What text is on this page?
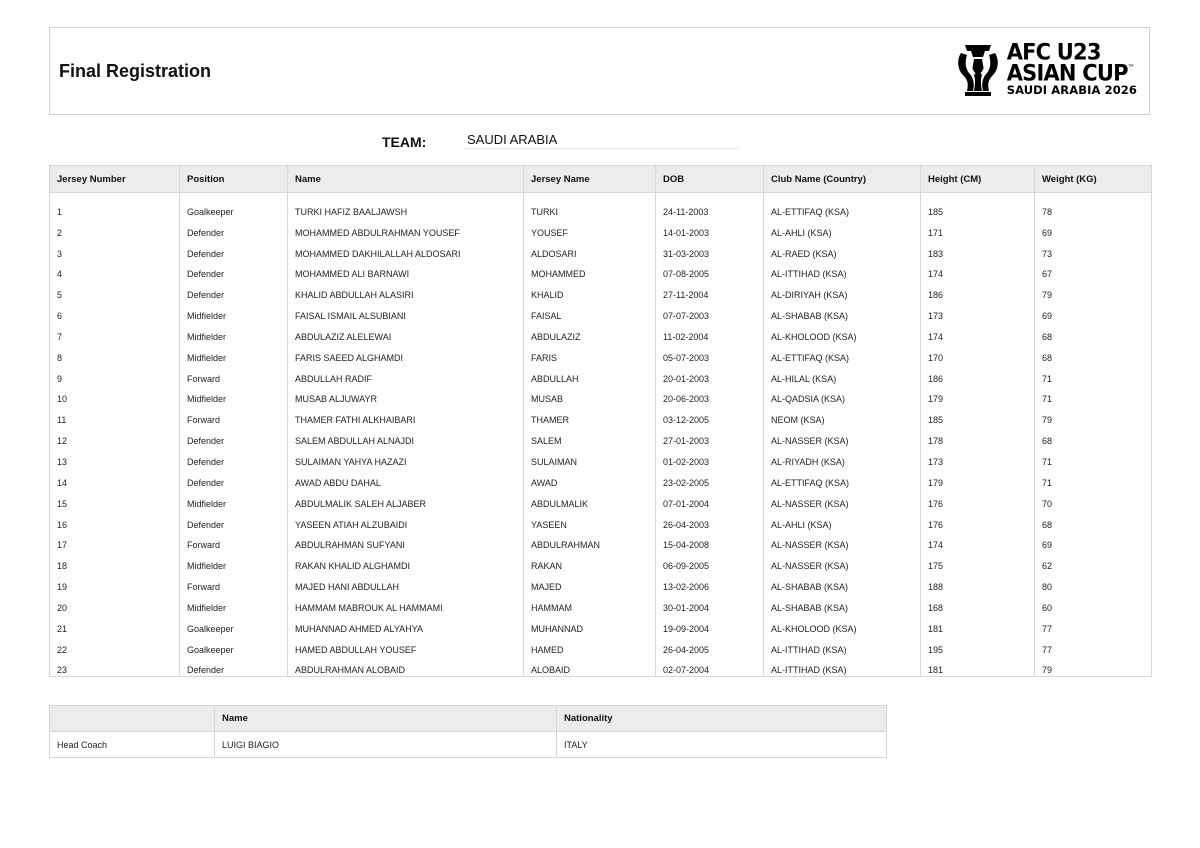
Final Registration
AFC U23
ASIAN CUP™
SAUDI ARABIA 2026
TEAM:	SAUDI ARABIA
Jersey Number	Position	Name	Jersey Name	DOB	Club Name (Country)	Height (CM)	Weight (KG)
1	Goalkeeper	TURKI HAFIZ BAALJAWSH	TURKI	24-11-2003	AL-ETTIFAQ (KSA)	185	78
2	Defender	MOHAMMED ABDULRAHMAN YOUSEF	YOUSEF	14-01-2003	AL-AHLI (KSA)	171	69
3	Defender	MOHAMMED DAKHILALLAH ALDOSARI	ALDOSARI	31-03-2003	AL-RAED (KSA)	183	73
4	Defender	MOHAMMED ALI BARNAWI	MOHAMMED	07-08-2005	AL-ITTIHAD (KSA)	174	67
5	Defender	KHALID ABDULLAH ALASIRI	KHALID	27-11-2004	AL-DIRIYAH (KSA)	186	79
6	Midfielder	FAISAL ISMAIL ALSUBIANI	FAISAL	07-07-2003	AL-SHABAB (KSA)	173	69
7	Midfielder	ABDULAZIZ ALELEWAI	ABDULAZIZ	11-02-2004	AL-KHOLOOD (KSA)	174	68
8	Midfielder	FARIS SAEED ALGHAMDI	FARIS	05-07-2003	AL-ETTIFAQ (KSA)	170	68
9	Forward	ABDULLAH RADIF	ABDULLAH	20-01-2003	AL-HILAL (KSA)	186	71
10	Midfielder	MUSAB ALJUWAYR	MUSAB	20-06-2003	AL-QADSIA (KSA)	179	71
11	Forward	THAMER FATHI ALKHAIBARI	THAMER	03-12-2005	NEOM (KSA)	185	79
12	Defender	SALEM ABDULLAH ALNAJDI	SALEM	27-01-2003	AL-NASSER (KSA)	178	68
13	Defender	SULAIMAN YAHYA HAZAZI	SULAIMAN	01-02-2003	AL-RIYADH (KSA)	173	71
14	Defender	AWAD ABDU DAHAL	AWAD	23-02-2005	AL-ETTIFAQ (KSA)	179	71
15	Midfielder	ABDULMALIK SALEH ALJABER	ABDULMALIK	07-01-2004	AL-NASSER (KSA)	176	70
16	Defender	YASEEN ATIAH ALZUBAIDI	YASEEN	26-04-2003	AL-AHLI (KSA)	176	68
17	Forward	ABDULRAHMAN SUFYANI	ABDULRAHMAN	15-04-2008	AL-NASSER (KSA)	174	69
18	Midfielder	RAKAN KHALID ALGHAMDI	RAKAN	06-09-2005	AL-NASSER (KSA)	175	62
19	Forward	MAJED HANI ABDULLAH	MAJED	13-02-2006	AL-SHABAB (KSA)	188	80
20	Midfielder	HAMMAM MABROUK AL HAMMAMI	HAMMAM	30-01-2004	AL-SHABAB (KSA)	168	60
21	Goalkeeper	MUHANNAD AHMED ALYAHYA	MUHANNAD	19-09-2004	AL-KHOLOOD (KSA)	181	77
22	Goalkeeper	HAMED ABDULLAH YOUSEF	HAMED	26-04-2005	AL-ITTIHAD (KSA)	195	77
23	Defender	ABDULRAHMAN ALOBAID	ALOBAID	02-07-2004	AL-ITTIHAD (KSA)	181	79
	Name	Nationality
Head Coach	LUIGI BIAGIO	ITALY
